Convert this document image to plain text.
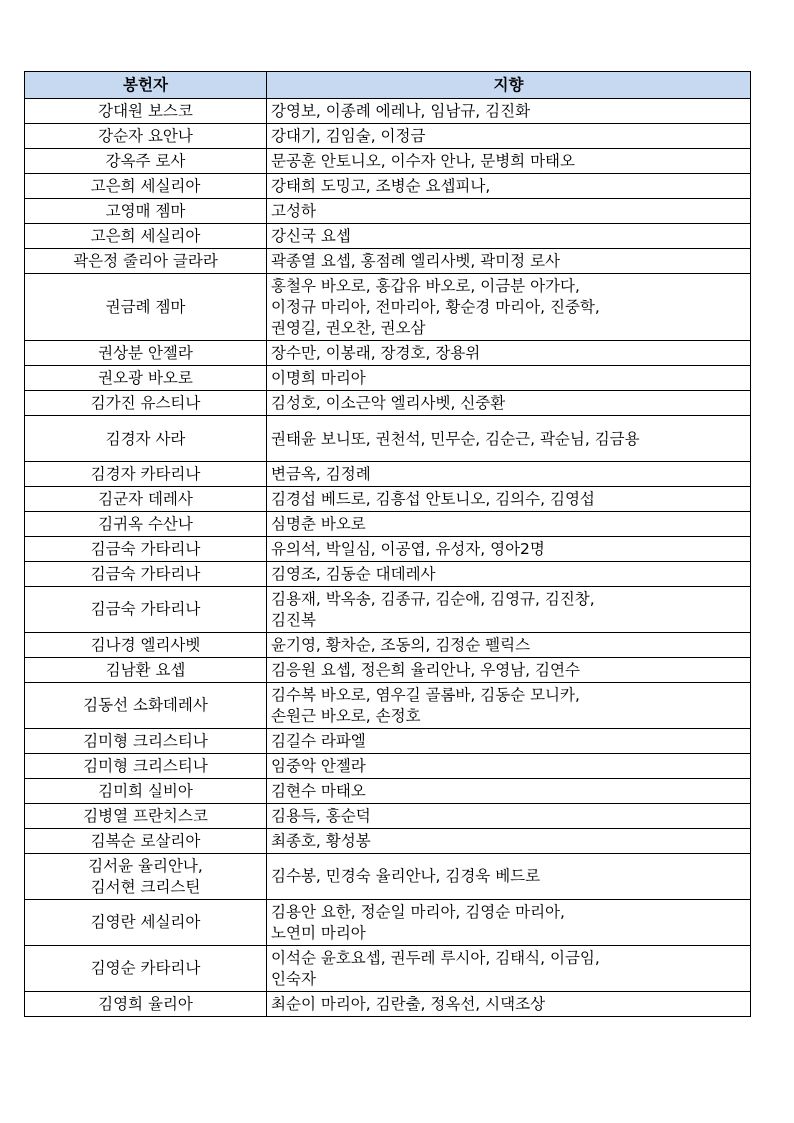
봉헌자	지향

강대원 보스코	강영보, 이종례 에레나, 임남규, 김진화

강순자 요안나	강대기, 김임술, 이정금

강옥주 로사	문공훈 안토니오, 이수자 안나, 문병희 마태오

고은희 세실리아	강태희 도밍고, 조병순 요셉피나,

고영매 젬마	고성하

고은희 세실리아	강신국 요셉

곽은정 줄리아 글라라	곽종열 요셉, 홍점례 엘리사벳, 곽미정 로사

권금례 젬마	홍철우 바오로, 홍갑유 바오로, 이금분 아가다,
이정규 마리아, 전마리아, 황순경 마리아, 진중학,
권영길, 권오찬, 권오삼

권상분 안젤라	장수만, 이봉래, 장경호, 장용위

권오광 바오로	이명희 마리아

김가진 유스티나	김성호, 이소근악 엘리사벳, 신중환

김경자 사라	권태윤 보니또, 권천석, 민무순, 김순근, 곽순님, 김금용

김경자 카타리나	변금옥, 김정례

김군자 데레사	김경섭 베드로, 김흥섭 안토니오, 김의수, 김영섭

김귀옥 수산나	심명춘 바오로

김금숙 가타리나	유의석, 박일심, 이공엽, 유성자, 영아2명

김금숙 가타리나	김영조, 김동순 대데레사

김금숙 가타리나	김용재, 박옥송, 김종규, 김순애, 김영규, 김진창,
김진복

김나경 엘리사벳	윤기영, 황차순, 조동의, 김정순 펠릭스

김남환 요셉	김응원 요셉, 정은희 율리안나, 우영남, 김연수

김동선 소화데레사	김수복 바오로, 염우길 골롬바, 김동순 모니카,
손원근 바오로, 손정호

김미형 크리스티나	김길수 라파엘

김미형 크리스티나	임중악 안젤라

김미희 실비아	김현수 마태오

김병열 프란치스코	김용득, 홍순덕

김복순 로살리아	최종호, 황성봉

김서윤 율리안나,
김서현 크리스틴	김수봉, 민경숙 율리안나, 김경욱 베드로

김영란 세실리아	김용안 요한, 정순일 마리아, 김영순 마리아,
노연미 마리아

김영순 카타리나	이석순 윤호요셉, 권두레 루시아, 김태식, 이금임,
인숙자

김영희 율리아	최순이 마리아, 김란출, 정옥선, 시댁조상
